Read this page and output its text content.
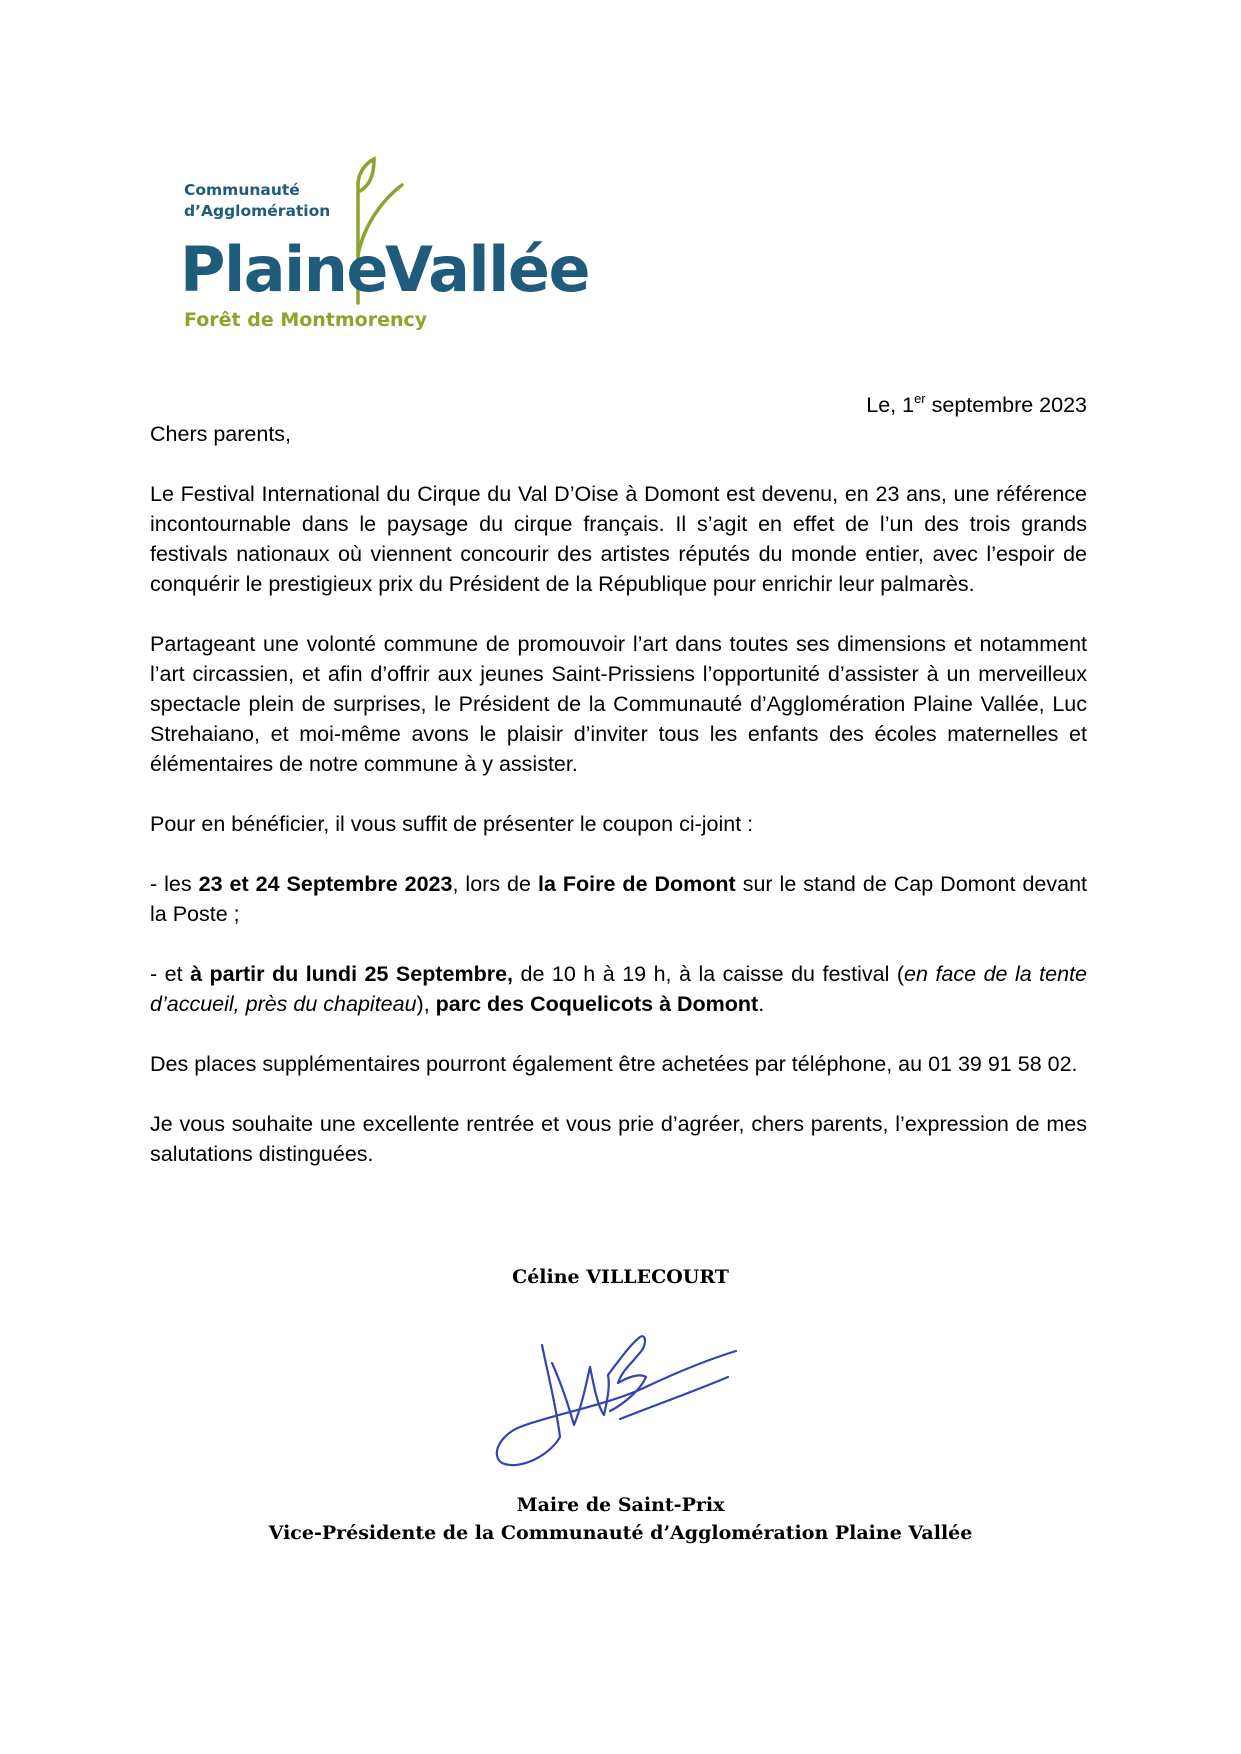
Communauté
d’Agglomération
Plaine
Vallée
Forêt de Montmorency
Le, 1er septembre 2023
Chers parents,

Le Festival International du Cirque du Val D’Oise à Domont est devenu, en 23 ans, une référence incontournable dans le paysage du cirque français. Il s’agit en effet de l’un des trois grands festivals nationaux où viennent concourir des artistes réputés du monde entier, avec l’espoir de conquérir le prestigieux prix du Président de la République pour enrichir leur palmarès.

Partageant une volonté commune de promouvoir l’art dans toutes ses dimensions et notamment l’art circassien, et afin d’offrir aux jeunes Saint-Prissiens l’opportunité d’assister à un merveilleux spectacle plein de surprises, le Président de la Communauté d’Agglomération Plaine Vallée, Luc Strehaiano, et moi-même avons le plaisir d’inviter tous les enfants des écoles maternelles et élémentaires de notre commune à y assister.

Pour en bénéficier, il vous suffit de présenter le coupon ci-joint :

- les 23 et 24 Septembre 2023, lors de la Foire de Domont sur le stand de Cap Domont devant la Poste ;

- et à partir du lundi 25 Septembre, de 10 h à 19 h, à la caisse du festival (en face de la tente d’accueil, près du chapiteau), parc des Coquelicots à Domont.

Des places supplémentaires pourront également être achetées par téléphone, au 01 39 91 58 02.

Je vous souhaite une excellente rentrée et vous prie d’agréer, chers parents, l’expression de mes salutations distinguées.

Céline VILLECOURT
Maire de Saint-Prix
Vice-Présidente de la Communauté d’Agglomération Plaine Vallée
